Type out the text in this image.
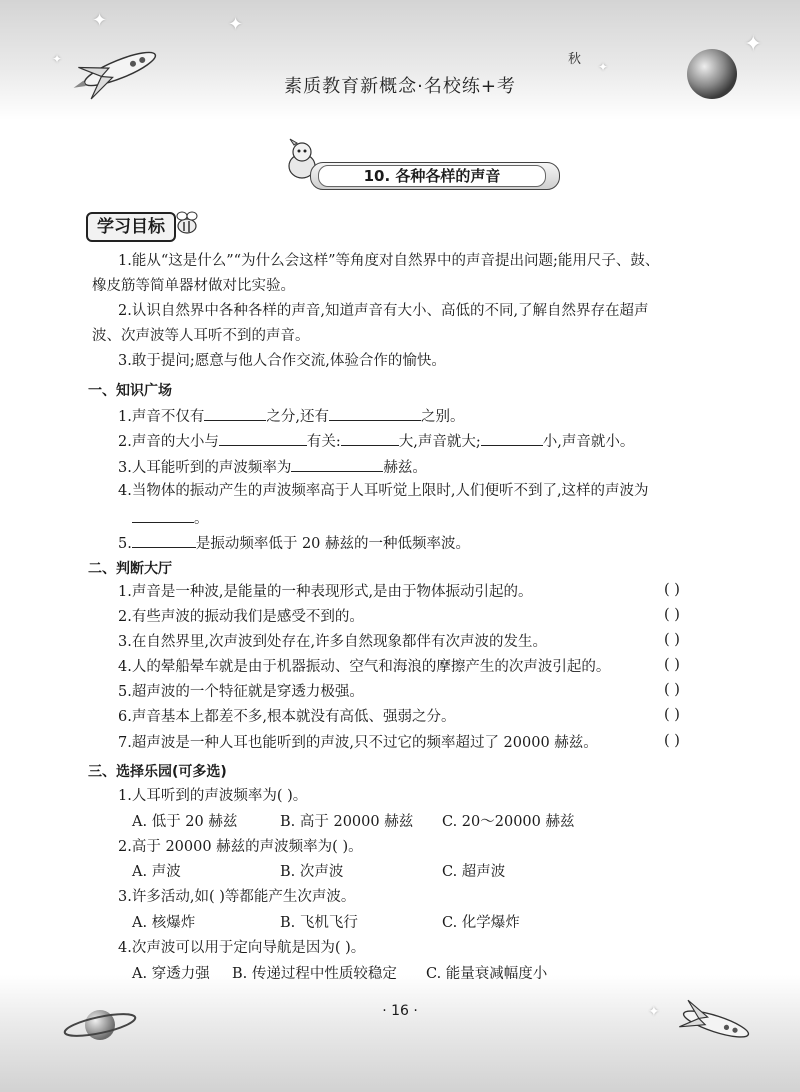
✦	✦
✦
✦
✦
素质教育新概念·名校练+考
秋
10. 各种各样的声音
学习目标
1.能从“这是什么”“为什么会这样”等角度对自然界中的声音提出问题;能用尺子、鼓、
橡皮筋等简单器材做对比实验。
2.认识自然界中各种各样的声音,知道声音有大小、高低的不同,了解自然界存在超声
波、次声波等人耳听不到的声音。
3.敢于提问;愿意与他人合作交流,体验合作的愉快。
一、知识广场
1.声音不仅有	之分,还有	之别。
2.声音的大小与	有关:	大,声音就大;	小,声音就小。
3.人耳能听到的声波频率为	赫兹。
4.当物体的振动产生的声波频率高于人耳听觉上限时,人们便听不到了,这样的声波为
。
5.	是振动频率低于 20 赫兹的一种低频率波。
二、判断大厅
1.声音是一种波,是能量的一种表现形式,是由于物体振动引起的。	( )
2.有些声波的振动我们是感受不到的。	( )
3.在自然界里,次声波到处存在,许多自然现象都伴有次声波的发生。	( )
4.人的晕船晕车就是由于机器振动、空气和海浪的摩擦产生的次声波引起的。	( )
5.超声波的一个特征就是穿透力极强。	( )
6.声音基本上都差不多,根本就没有高低、强弱之分。	( )
7.超声波是一种人耳也能听到的声波,只不过它的频率超过了 20000 赫兹。	( )
三、选择乐园(可多选)
1.人耳听到的声波频率为( )。
A. 低于 20 赫兹	B. 高于 20000 赫兹 C. 20～20000 赫兹
2.高于 20000 赫兹的声波频率为( )。
A. 声波	B. 次声波	C. 超声波
3.许多活动,如( )等都能产生次声波。
A. 核爆炸	B. 飞机飞行	C. 化学爆炸
4.次声波可以用于定向导航是因为( )。
A. 穿透力强 B. 传递过程中性质较稳定 C. 能量衰减幅度小
· 16 ·	✦
